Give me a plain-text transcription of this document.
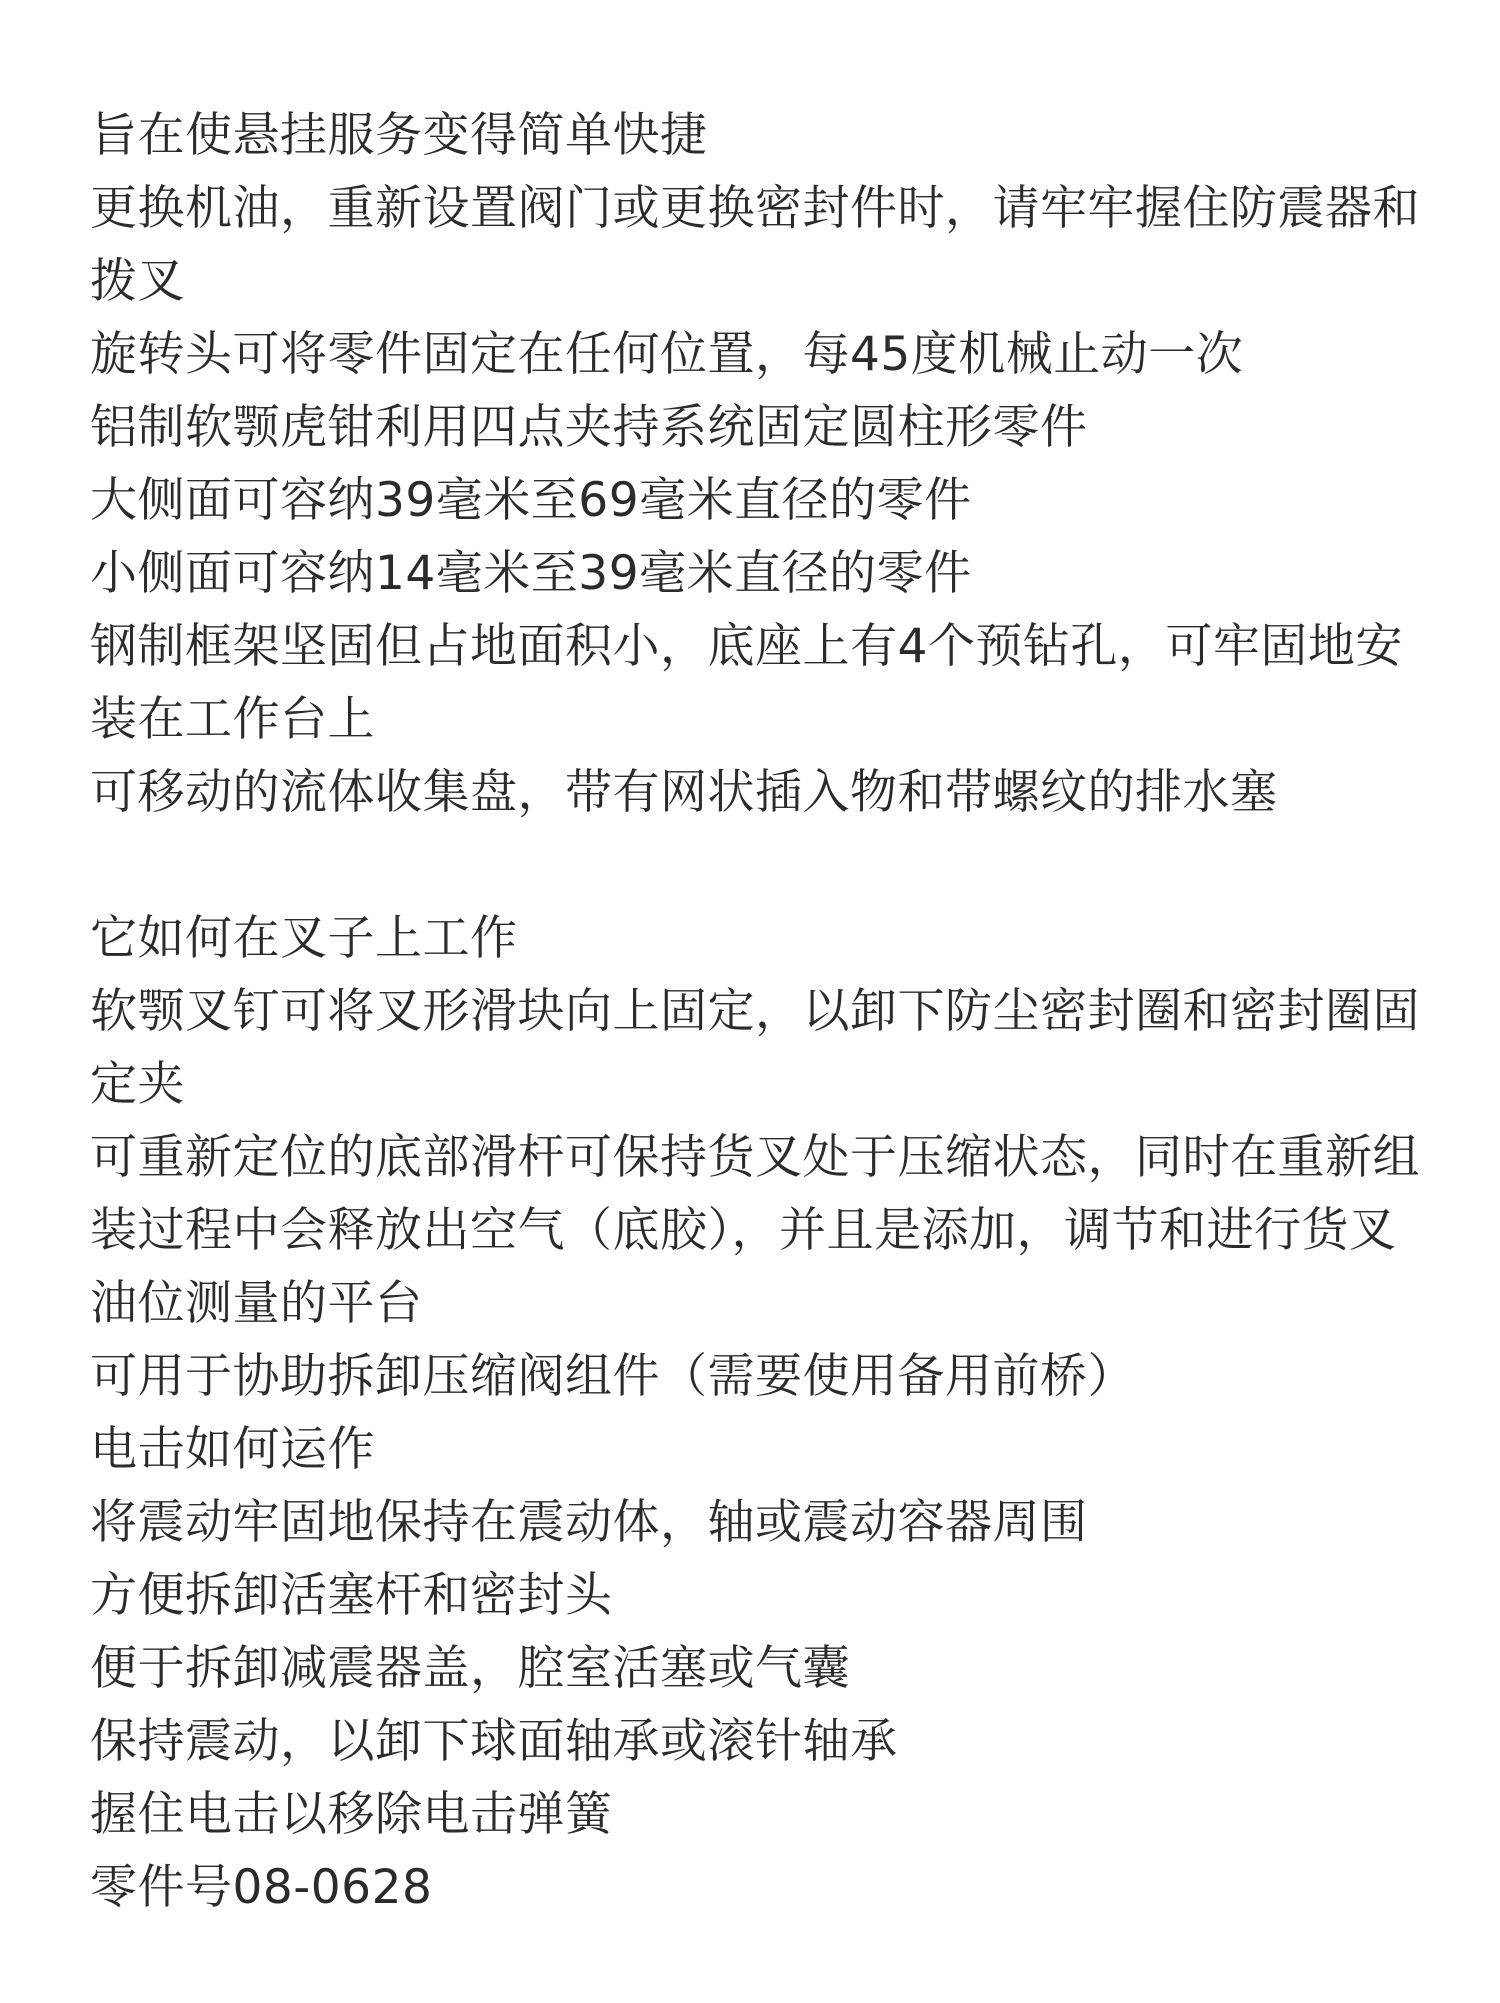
旨在使悬挂服务变得简单快捷

更换机油，重新设置阀门或更换密封件时，请牢牢握住防震器和拨叉

旋转头可将零件固定在任何位置，每45度机械止动一次

铝制软颚虎钳利用四点夹持系统固定圆柱形零件

大侧面可容纳39毫米至69毫米直径的零件

小侧面可容纳14毫米至39毫米直径的零件

钢制框架坚固但占地面积小，底座上有4个预钻孔，可牢固地安装在工作台上

可移动的流体收集盘，带有网状插入物和带螺纹的排水塞

它如何在叉子上工作

软颚叉钉可将叉形滑块向上固定，以卸下防尘密封圈和密封圈固定夹

可重新定位的底部滑杆可保持货叉处于压缩状态，同时在重新组装过程中会释放出空气（底胶），并且是添加，调节和进行货叉油位测量的平台

可用于协助拆卸压缩阀组件（需要使用备用前桥）

电击如何运作

将震动牢固地保持在震动体，轴或震动容器周围

方便拆卸活塞杆和密封头

便于拆卸减震器盖，腔室活塞或气囊

保持震动，以卸下球面轴承或滚针轴承

握住电击以移除电击弹簧

零件号08-0628
